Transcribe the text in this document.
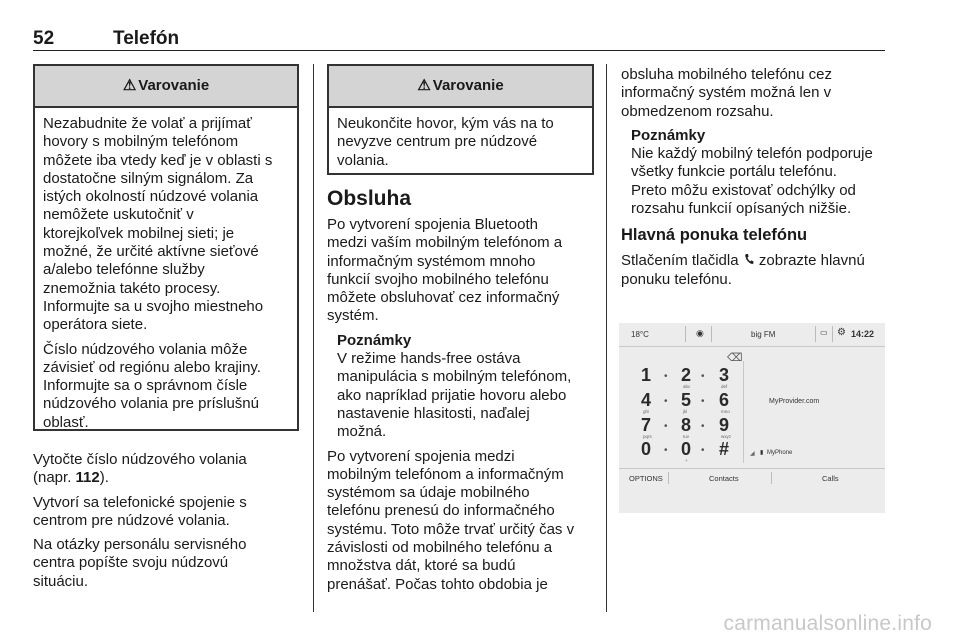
52	Telefón
⚠ Varovanie

Nezabudnite že volať a prijímať
hovory s mobilným telefónom
môžete iba vtedy keď je v oblasti s
dostatočne silným signálom. Za
istých okolností núdzové volania
nemôžete uskutočniť v
ktorejkoľvek mobilnej sieti; je
možné, že určité aktívne sieťové
a/alebo telefónne služby
znemožnia takéto procesy.
Informujte sa u svojho miestneho
operátora siete.

Číslo núdzového volania môže
závisieť od regiónu alebo krajiny.
Informujte sa o správnom čísle
núdzového volania pre príslušnú
oblasť.

Vytočte číslo núdzového volania
(napr. 112).

Vytvorí sa telefonické spojenie s
centrom pre núdzové volania.

Na otázky personálu servisného
centra popíšte svoju núdzovú
situáciu.

⚠ Varovanie

Neukončite hovor, kým vás na to
nevyzve centrum pre núdzové
volania.

Obsluha

Po vytvorení spojenia Bluetooth
medzi vaším mobilným telefónom a
informačným systémom mnoho
funkcií svojho mobilného telefónu
môžete obsluhovať cez informačný
systém.

Poznámky
V režime hands-free ostáva
manipulácia s mobilným telefónom,
ako napríklad prijatie hovoru alebo
nastavenie hlasitosti, naďalej
možná.

Po vytvorení spojenia medzi
mobilným telefónom a informačným
systémom sa údaje mobilného
telefónu prenesú do informačného
systému. Toto môže trvať určitý čas v
závislosti od mobilného telefónu a
množstva dát, ktoré sa budú
prenášať. Počas tohto obdobia je

obsluha mobilného telefónu cez
informačný systém možná len v
obmedzenom rozsahu.

Poznámky
Nie každý mobilný telefón podporuje
všetky funkcie portálu telefónu.
Preto môžu existovať odchýlky od
rozsahu funkcií opísaných nižšie.
Hlavná ponuka telefónu

Stlačením tlačidla  zobrazte hlavnú
ponuku telefónu.

18°C	◉	big FM	▭ ⚙ 14:22
⌫
1 • 2
abc
• 3
def
4
ghi
• 5
jkl
• 6
mno
7
pqrs
• 8
tuv
• 9
wxyz
0 • 0
+
• #
MyProvider.com
◢ ▮ MyPhone
OPTIONS	Contacts	Calls
carmanualsonline.info
